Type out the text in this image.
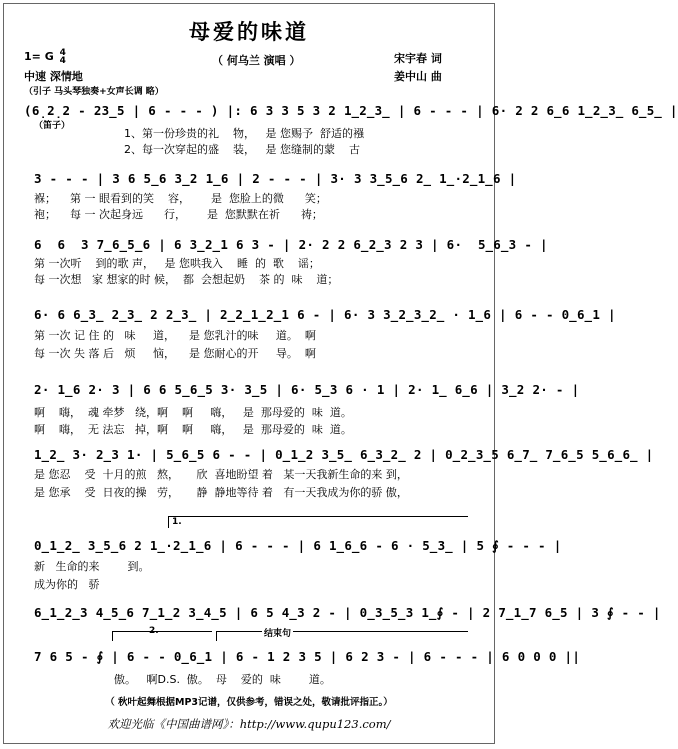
母爱的味道
（ 何乌兰 演唱 ）	宋宇春 词
姜中山 曲
1= G 4
4
中速 深情地
（引子 马头琴独奏+女声长调 略）
(6̣2̣2 - 23̲5 | 6 - - - ) |: 6 3 3 5 3 2 1̲2̲3̲ | 6 - - - | 6· 2 2 6̲6 1̲2̲3̲ 6̲5̲ |
（笛子）
1、第一份珍贵的礼    物，   是 您赐予  舒适的襁
2、每一次穿起的盛    装，   是 您缝制的蒙    古
3 - - - | 3 6 5̲6 3̲2 1̲6 | 2 - - - | 3· 3 3̲5̲6 2̲ 1̲·2̲1̲6 |
褓；    第 一 眼看到的笑    容，      是  您脸上的微      笑；
袍；    每 一 次起身远      行，      是  您默默在祈      祷；
6  6  3 7̲6̲5̲6 | 6 3̲2̲1 6 3 - | 2· 2 2 6̲2̲3 2 3 | 6·  5̲6̲3 - |
第 一次听    到的歌 声，   是 您哄我入    睡  的  歌    谣；
每 一次想   家 想家的时 候，  都  会想起奶    茶 的  味    道；
6· 6 6̲3̲ 2̲3̲ 2 2̲3̲ | 2̲2̲1̲2̲1 6 - | 6· 3 3̲2̲3̲2̲ · 1̲6 | 6 - - 0̲6̲1 |
第 一次 记 住 的   味     道，    是 您乳汁的味     道。  啊
每 一次 失 落 后   烦     恼，    是 您耐心的开     导。  啊
2· 1̲6 2· 3 | 6 6 5̲6̲5 3· 3̲5 | 6· 5̲3 6 · 1 | 2· 1̲ 6̲6 | 3̲2 2· - |
啊    嗨，  魂 牵梦   绕，啊    啊     嗨，   是  那母爱的  味  道。
啊    嗨，  无 法忘   掉，啊    啊     嗨，   是  那母爱的  味  道。
1̲2̲ 3· 2̲3 1· | 5̲6̲5 6 - - | 0̲1̲2 3̲5̲ 6̲3̲2̲ 2 | 0̲2̲3̲5 6̲7̲ 7̲6̲5 5̲6̲6̲ |
是 您忍    受  十月的煎   熬，     欣  喜地盼望 着   某一天我新生命的来 到，
是 您承    受  日夜的操   劳，     静  静地等待 着   有一天我成为你的骄 傲，
1.
0̲1̲2̲ 3̲5̲6 2 1̲·2̲1̲6 | 6 - - - | 6 1̲6̲6 - 6 · 5̲3̲ | 5 ∮ - - - |
新   生命的来        到。
成为你的   骄
6̲1̲2̲3 4̲5̲6 7̲1̲2 3̲4̲5 | 6 5 4̲3 2 - | 0̲3̲5̲3 1̲∮ - | 2 7̲1̲7 6̲5 | 3 ∮ - - |
2.	结束句
7 6 5 - ∮ | 6 - - 0̲6̲1 | 6 - 1 2 3 5 | 6 2 3 - | 6 - - - | 6 0 0 0 ||
傲。   啊D.S.  傲。  母    爱的  味        道。
（ 秋叶起舞根据MP3记谱，仅供参考，错误之处，敬请批评指正。）
欢迎光临《中国曲谱网》：http://www.qupu123.com/
